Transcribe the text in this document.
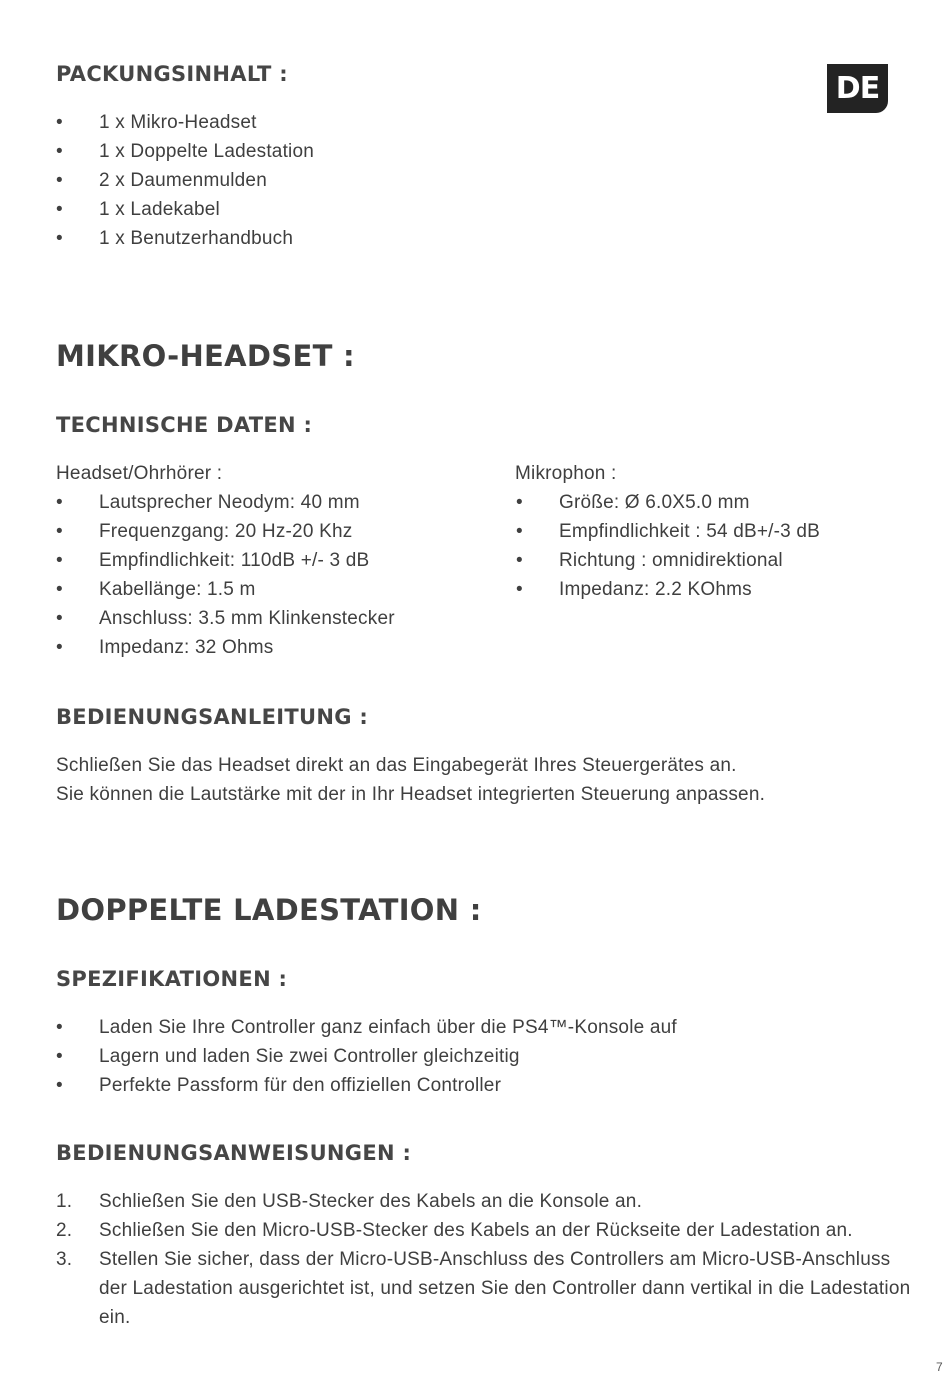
DE
PACKUNGSINHALT :
• 1 x Mikro-Headset
• 1 x Doppelte Ladestation
• 2 x Daumenmulden
• 1 x Ladekabel
• 1 x Benutzerhandbuch
MIKRO-HEADSET :
TECHNISCHE DATEN :
Headset/Ohrhörer :
• Lautsprecher Neodym: 40 mm
• Frequenzgang: 20 Hz-20 Khz
• Empfindlichkeit: 110dB +/- 3 dB
• Kabellänge: 1.5 m
• Anschluss: 3.5 mm Klinkenstecker
• Impedanz: 32 Ohms
Mikrophon :
• Größe: Ø 6.0X5.0 mm
• Empfindlichkeit : 54 dB+/-3 dB
• Richtung : omnidirektional
• Impedanz: 2.2 KOhms
BEDIENUNGSANLEITUNG :
Schließen Sie das Headset direkt an das Eingabegerät Ihres Steuergerätes an.
Sie können die Lautstärke mit der in Ihr Headset integrierten Steuerung anpassen.
DOPPELTE LADESTATION :
SPEZIFIKATIONEN :
• Laden Sie Ihre Controller ganz einfach über die PS4™-Konsole auf
• Lagern und laden Sie zwei Controller gleichzeitig
• Perfekte Passform für den offiziellen Controller
BEDIENUNGSANWEISUNGEN :
1. Schließen Sie den USB-Stecker des Kabels an die Konsole an.
2. Schließen Sie den Micro-USB-Stecker des Kabels an der Rückseite der Ladestation an.
3. Stellen Sie sicher, dass der Micro-USB-Anschluss des Controllers am Micro-USB-Anschluss der Ladestation ausgerichtet ist, und setzen Sie den Controller dann vertikal in die Ladestation ein.
7
